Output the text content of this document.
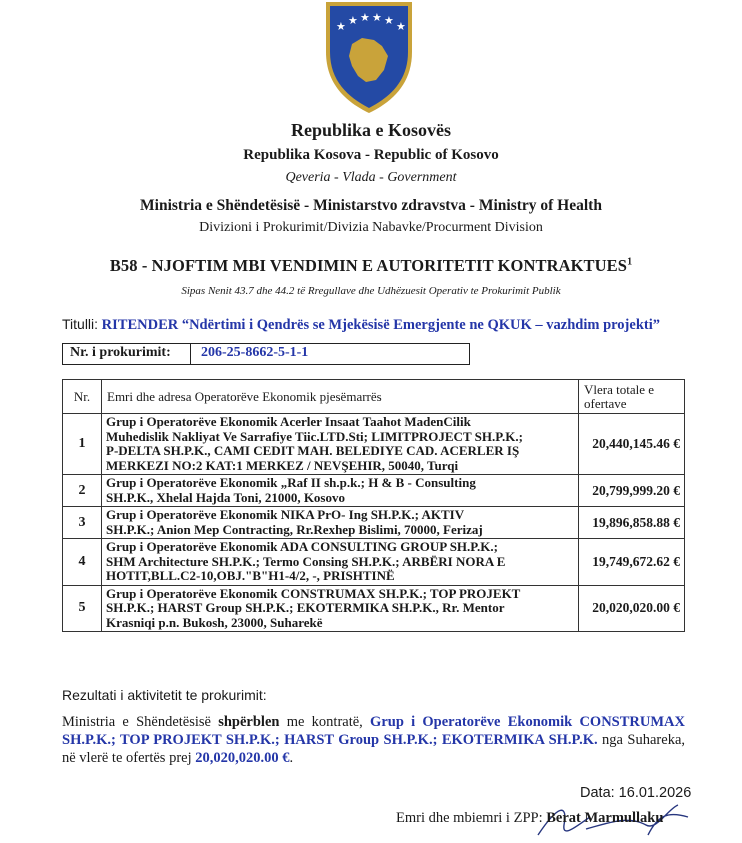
★ ★ ★ ★ ★ ★
Republika e Kosovës
Republika Kosova - Republic of Kosovo
Qeveria - Vlada - Government
Ministria e Shëndetësisë - Ministarstvo zdravstva - Ministry of Health
Divizioni i Prokurimit/Divizia Nabavke/Procurment Division
B58 - NJOFTIM MBI VENDIMIN E AUTORITETIT KONTRAKTUES$^1$
Sipas Nenit 43.7 dhe 44.2 të Rregullave dhe Udhëzuesit Operativ te Prokurimit Publik
Titulli: RITENDER “Ndërtimi i Qendrës se Mjekësisë Emergjente ne QKUK – vazhdim projekti”
Nr. i prokurimit:	206-25-8662-5-1-1
Nr.	Emri dhe adresa Operatorëve Ekonomik pjesëmarrës	Vlera totale e ofertave
1	Grup i Operatorëve Ekonomik Acerler Insaat Taahot MadenCilik
Muhedislik Nakliyat Ve Sarrafiye Tiic.LTD.Sti; LIMITPROJECT SH.P.K.;
P-DELTA SH.P.K., CAMI CEDIT MAH. BELEDIYE CAD. ACERLER IŞ
MERKEZI NO:2 KAT:1 MERKEZ / NEVŞEHIR, 50040, Turqi	20,440,145.46 €
2	Grup i Operatorëve Ekonomik „Raf II sh.p.k.; H & B - Consulting
SH.P.K., Xhelal Hajda Toni, 21000, Kosovo	20,799,999.20 €
3	Grup i Operatorëve Ekonomik NIKA PrO- Ing SH.P.K.; AKTIV
SH.P.K.; Anion Mep Contracting, Rr.Rexhep Bislimi, 70000, Ferizaj	19,896,858.88 €
4	Grup i Operatorëve Ekonomik ADA CONSULTING GROUP SH.P.K.;
SHM Architecture SH.P.K.; Termo Consing SH.P.K.; ARBËRI NORA E
HOTIT,BLL.C2-10,OBJ."B"H1-4/2, -, PRISHTINË	19,749,672.62 €
5	Grup i Operatorëve Ekonomik CONSTRUMAX SH.P.K.; TOP PROJEKT
SH.P.K.; HARST Group SH.P.K.; EKOTERMIKA SH.P.K., Rr. Mentor
Krasniqi p.n. Bukosh, 23000, Suharekë	20,020,020.00 €
Rezultati i aktivitetit te prokurimit:
Ministria e Shëndetësisë shpërblen me kontratë, Grup i Operatorëve Ekonomik CONSTRUMAX SH.P.K.; TOP PROJEKT SH.P.K.; HARST Group SH.P.K.; EKOTERMIKA SH.P.K. nga Suhareka, në vlerë te ofertës prej 20,020,020.00 €.
Data: 16.01.2026
Emri dhe mbiemri i ZPP: Berat Marmullaku
